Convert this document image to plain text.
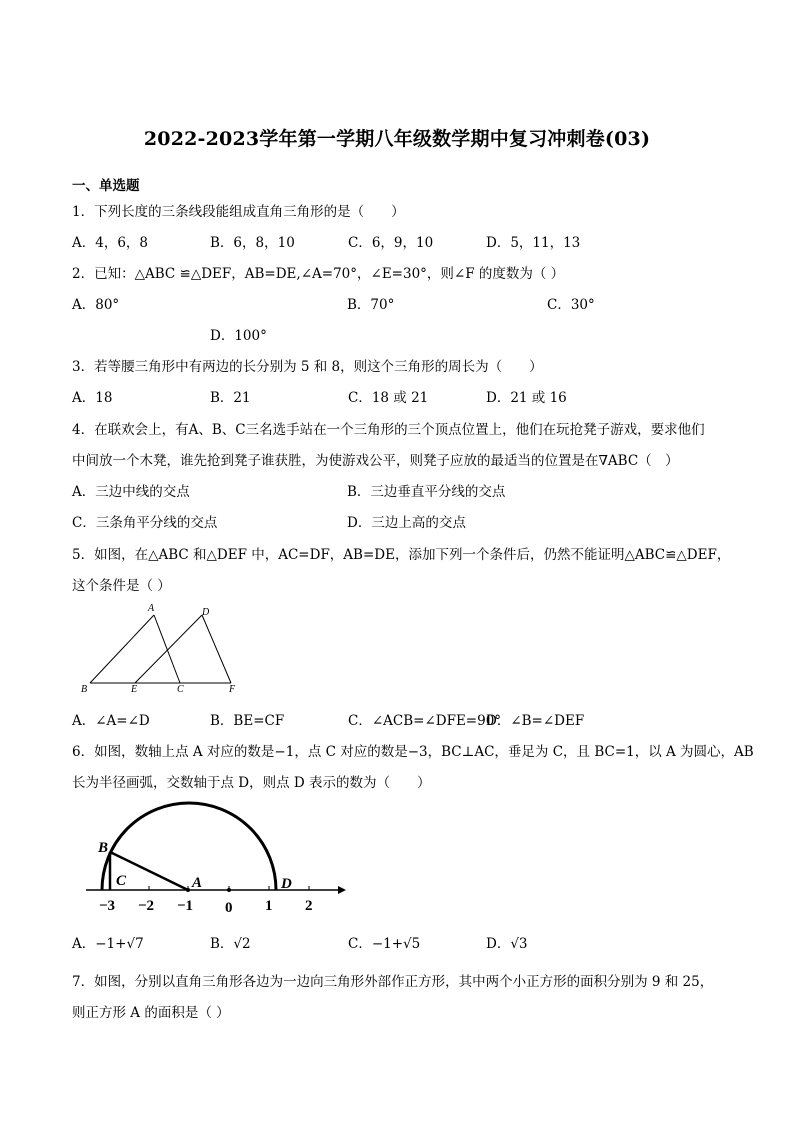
2022-2023学年第一学期八年级数学期中复习冲刺卷(03)
一、单选题
1．下列长度的三条线段能组成直角三角形的是（　　）
A．4，6，8	B．6，8，10	C．6，9，10	D．5，11，13
2．已知：△ABC ≌△DEF，AB=DE,∠A=70°，∠E=30°，则∠F 的度数为（ ）
A．80°	B．70°	C．30°
D．100°
3．若等腰三角形中有两边的长分别为 5 和 8，则这个三角形的周长为（　　）
A．18	B．21	C．18 或 21	D．21 或 16
4．在联欢会上，有A、B、C三名选手站在一个三角形的三个顶点位置上，他们在玩抢凳子游戏，要求他们
中间放一个木凳，谁先抢到凳子谁获胜，为使游戏公平，则凳子应放的最适当的位置是在∇ABC（　）
A．三边中线的交点	B．三边垂直平分线的交点
C．三条角平分线的交点	D．三边上高的交点
5．如图，在△ABC 和△DEF 中，AC=DF，AB=DE，添加下列一个条件后，仍然不能证明△ABC≌△DEF，
这个条件是（ ）
A	D
B	E	C	F
A．∠A=∠D	B．BE=CF	C．∠ACB=∠DFE=90°
D．∠B=∠DEF
6．如图，数轴上点 A 对应的数是−1，点 C 对应的数是−3，BC⊥AC，垂足为 C，且 BC=1，以 A 为圆心，AB
长为半径画弧，交数轴于点 D，则点 D 表示的数为（　　）
B
C	A	D
−3 −2 −1 0 1 2
A．−1+√7	B．√2	C．−1+√5	D．√3
7．如图，分别以直角三角形各边为一边向三角形外部作正方形，其中两个小正方形的面积分别为 9 和 25，
则正方形 A 的面积是（ ）
